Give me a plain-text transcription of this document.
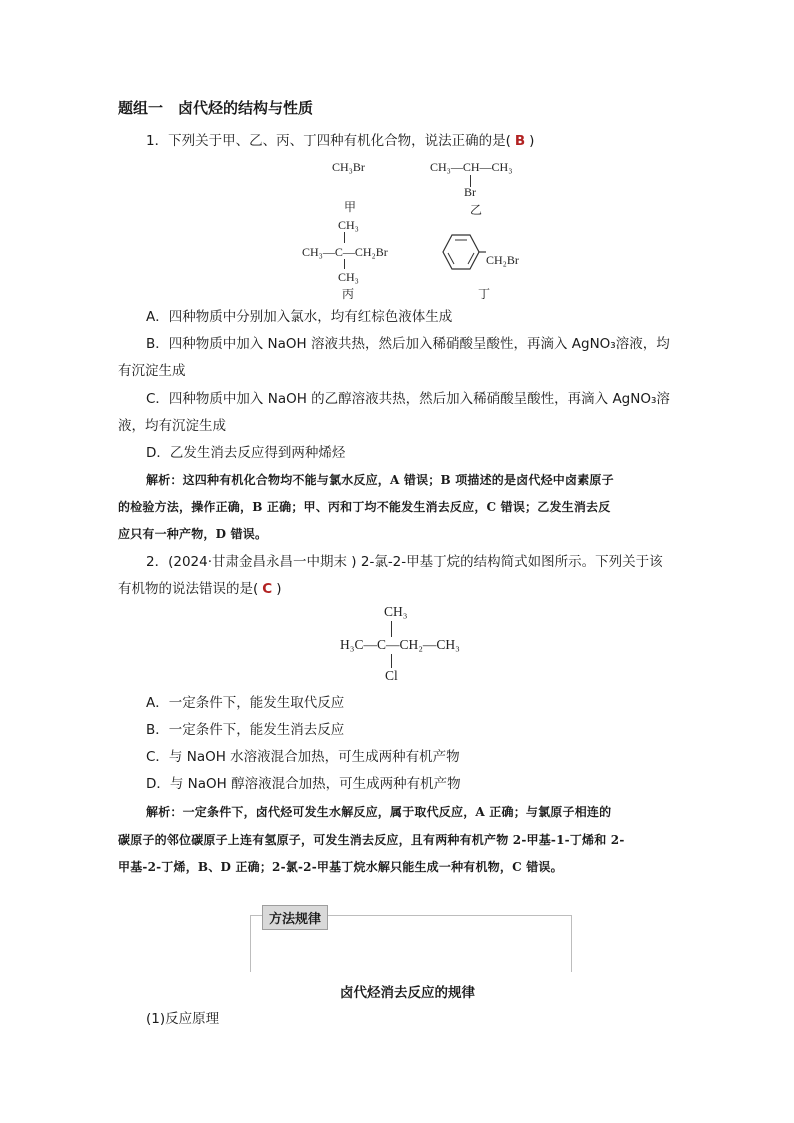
题组一　卤代烃的结构与性质
1．下列关于甲、乙、丙、丁四种有机化合物，说法正确的是( B )
CH₃Br
甲
CH₃—CH—CH₃
Br
乙
CH₃
CH₃—C—CH₂Br
CH₃
丙
CH₂Br
丁
A．四种物质中分别加入氯水，均有红棕色液体生成
B．四种物质中加入 NaOH 溶液共热，然后加入稀硝酸呈酸性，再滴入 AgNO₃溶液，均
有沉淀生成
C．四种物质中加入 NaOH 的乙醇溶液共热，然后加入稀硝酸呈酸性，再滴入 AgNO₃溶
液，均有沉淀生成
D．乙发生消去反应得到两种烯烃
解析：这四种有机化合物均不能与氯水反应，A 错误；B 项描述的是卤代烃中卤素原子
的检验方法，操作正确，B 正确；甲、丙和丁均不能发生消去反应，C 错误；乙发生消去反
应只有一种产物，D 错误。
2．(2024·甘肃金昌永昌一中期末 ) 2-氯-2-甲基丁烷的结构简式如图所示。下列关于该
有机物的说法错误的是( C )
CH₃
H₃C—C—CH₂—CH₃
Cl
A．一定条件下，能发生取代反应
B．一定条件下，能发生消去反应
C．与 NaOH 水溶液混合加热，可生成两种有机产物
D．与 NaOH 醇溶液混合加热，可生成两种有机产物
解析：一定条件下，卤代烃可发生水解反应，属于取代反应，A 正确；与氯原子相连的
碳原子的邻位碳原子上连有氢原子，可发生消去反应，且有两种有机产物 2-甲基-1-丁烯和 2-
甲基-2-丁烯，B、D 正确；2-氯-2-甲基丁烷水解只能生成一种有机物，C 错误。
方法规律
卤代烃消去反应的规律
(1)反应原理
